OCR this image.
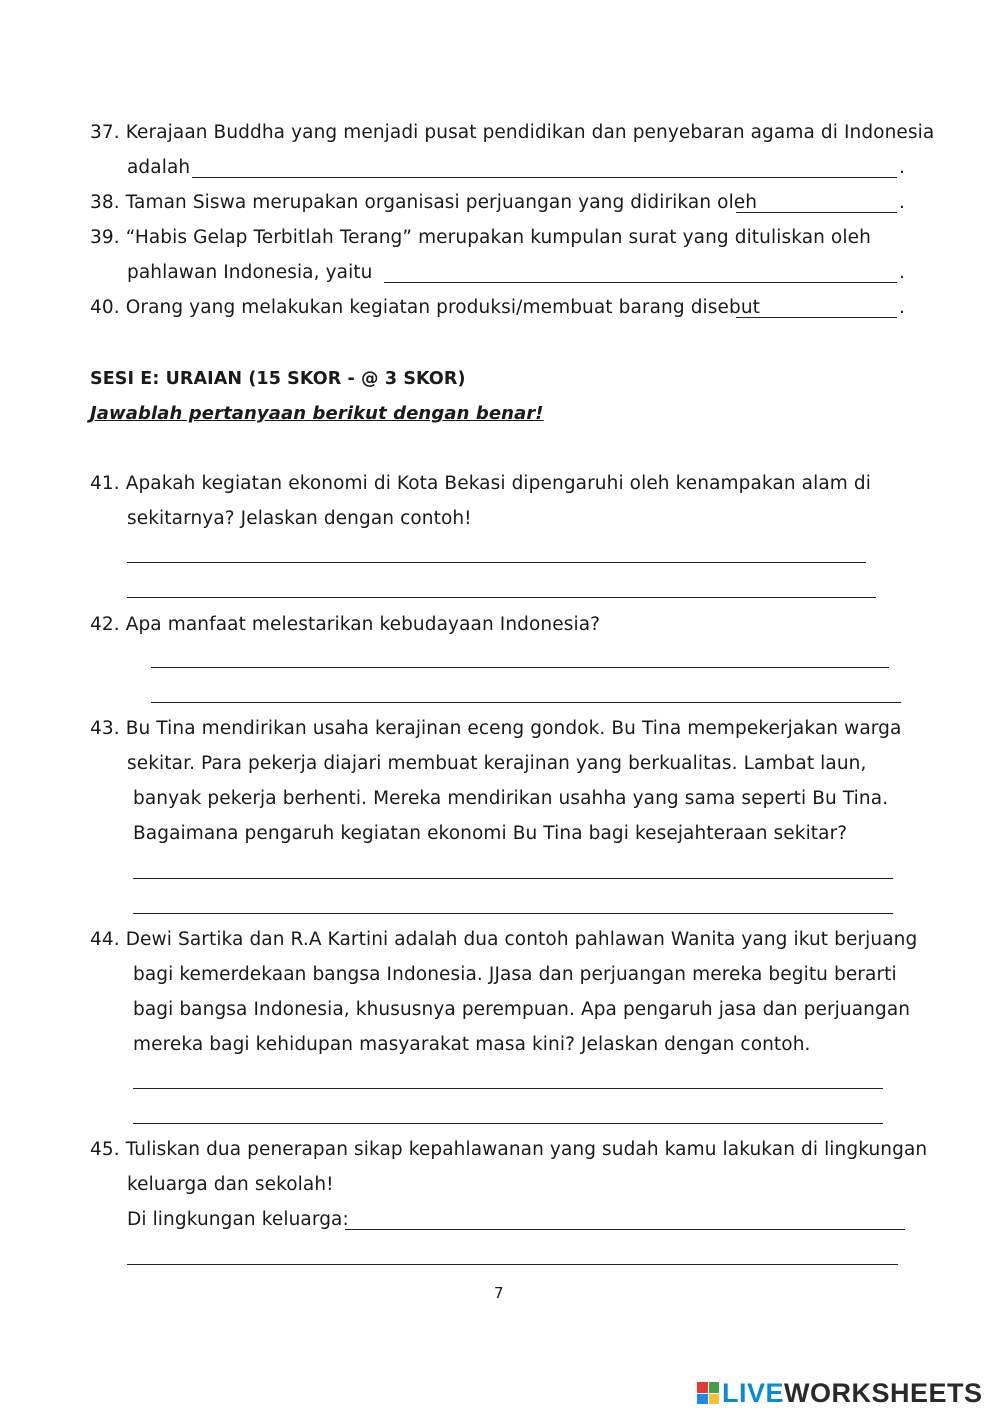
37. Kerajaan Buddha yang menjadi pusat pendidikan dan penyebaran agama di Indonesia
adalah	.
38. Taman Siswa merupakan organisasi perjuangan yang didirikan oleh	.
39. “Habis Gelap Terbitlah Terang” merupakan kumpulan surat yang dituliskan oleh
pahlawan Indonesia, yaitu	.
40. Orang yang melakukan kegiatan produksi/membuat barang disebut	.
SESI E: URAIAN (15 SKOR - @ 3 SKOR)
Jawablah pertanyaan berikut dengan benar!
41. Apakah kegiatan ekonomi di Kota Bekasi dipengaruhi oleh kenampakan alam di
sekitarnya? Jelaskan dengan contoh!
42. Apa manfaat melestarikan kebudayaan Indonesia?
43. Bu Tina mendirikan usaha kerajinan eceng gondok. Bu Tina mempekerjakan warga
sekitar. Para pekerja diajari membuat kerajinan yang berkualitas. Lambat laun,
banyak pekerja berhenti. Mereka mendirikan usahha yang sama seperti Bu Tina.
Bagaimana pengaruh kegiatan ekonomi Bu Tina bagi kesejahteraan sekitar?
44. Dewi Sartika dan R.A Kartini adalah dua contoh pahlawan Wanita yang ikut berjuang
bagi kemerdekaan bangsa Indonesia. JJasa dan perjuangan mereka begitu berarti
bagi bangsa Indonesia, khususnya perempuan. Apa pengaruh jasa dan perjuangan
mereka bagi kehidupan masyarakat masa kini? Jelaskan dengan contoh.
45. Tuliskan dua penerapan sikap kepahlawanan yang sudah kamu lakukan di lingkungan
keluarga dan sekolah!
Di lingkungan keluarga:
7
LIVEWORKSHEETS
